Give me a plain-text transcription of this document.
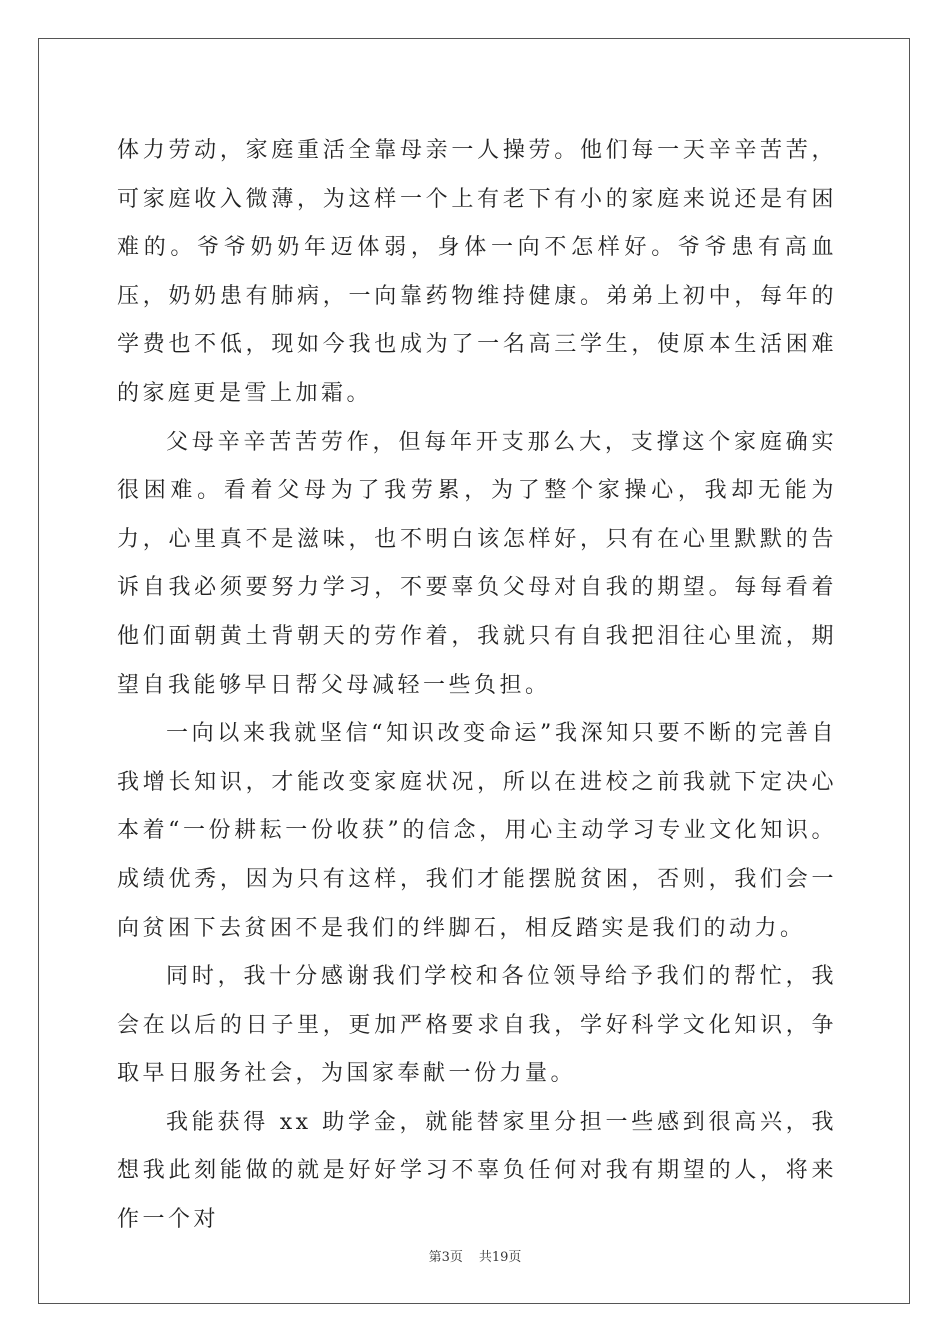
体力劳动，家庭重活全靠母亲一人操劳。他们每一天辛辛苦苦，可家庭收入微薄，为这样一个上有老下有小的家庭来说还是有困难的。爷爷奶奶年迈体弱，身体一向不怎样好。爷爷患有高血压，奶奶患有肺病，一向靠药物维持健康。弟弟上初中，每年的学费也不低，现如今我也成为了一名高三学生，使原本生活困难的家庭更是雪上加霜。

父母辛辛苦苦劳作，但每年开支那么大，支撑这个家庭确实很困难。看着父母为了我劳累，为了整个家操心，我却无能为力，心里真不是滋味，也不明白该怎样好，只有在心里默默的告诉自我必须要努力学习，不要辜负父母对自我的期望。每每看着他们面朝黄土背朝天的劳作着，我就只有自我把泪往心里流，期望自我能够早日帮父母减轻一些负担。

一向以来我就坚信“知识改变命运”我深知只要不断的完善自我增长知识，才能改变家庭状况，所以在进校之前我就下定决心本着“一份耕耘一份收获”的信念，用心主动学习专业文化知识。成绩优秀，因为只有这样，我们才能摆脱贫困，否则，我们会一向贫困下去贫困不是我们的绊脚石，相反踏实是我们的动力。

同时，我十分感谢我们学校和各位领导给予我们的帮忙，我会在以后的日子里，更加严格要求自我，学好科学文化知识，争取早日服务社会，为国家奉献一份力量。

我能获得 xx 助学金，就能替家里分担一些感到很高兴，我想我此刻能做的就是好好学习不辜负任何对我有期望的人，将来作一个对

第3页 共19页
